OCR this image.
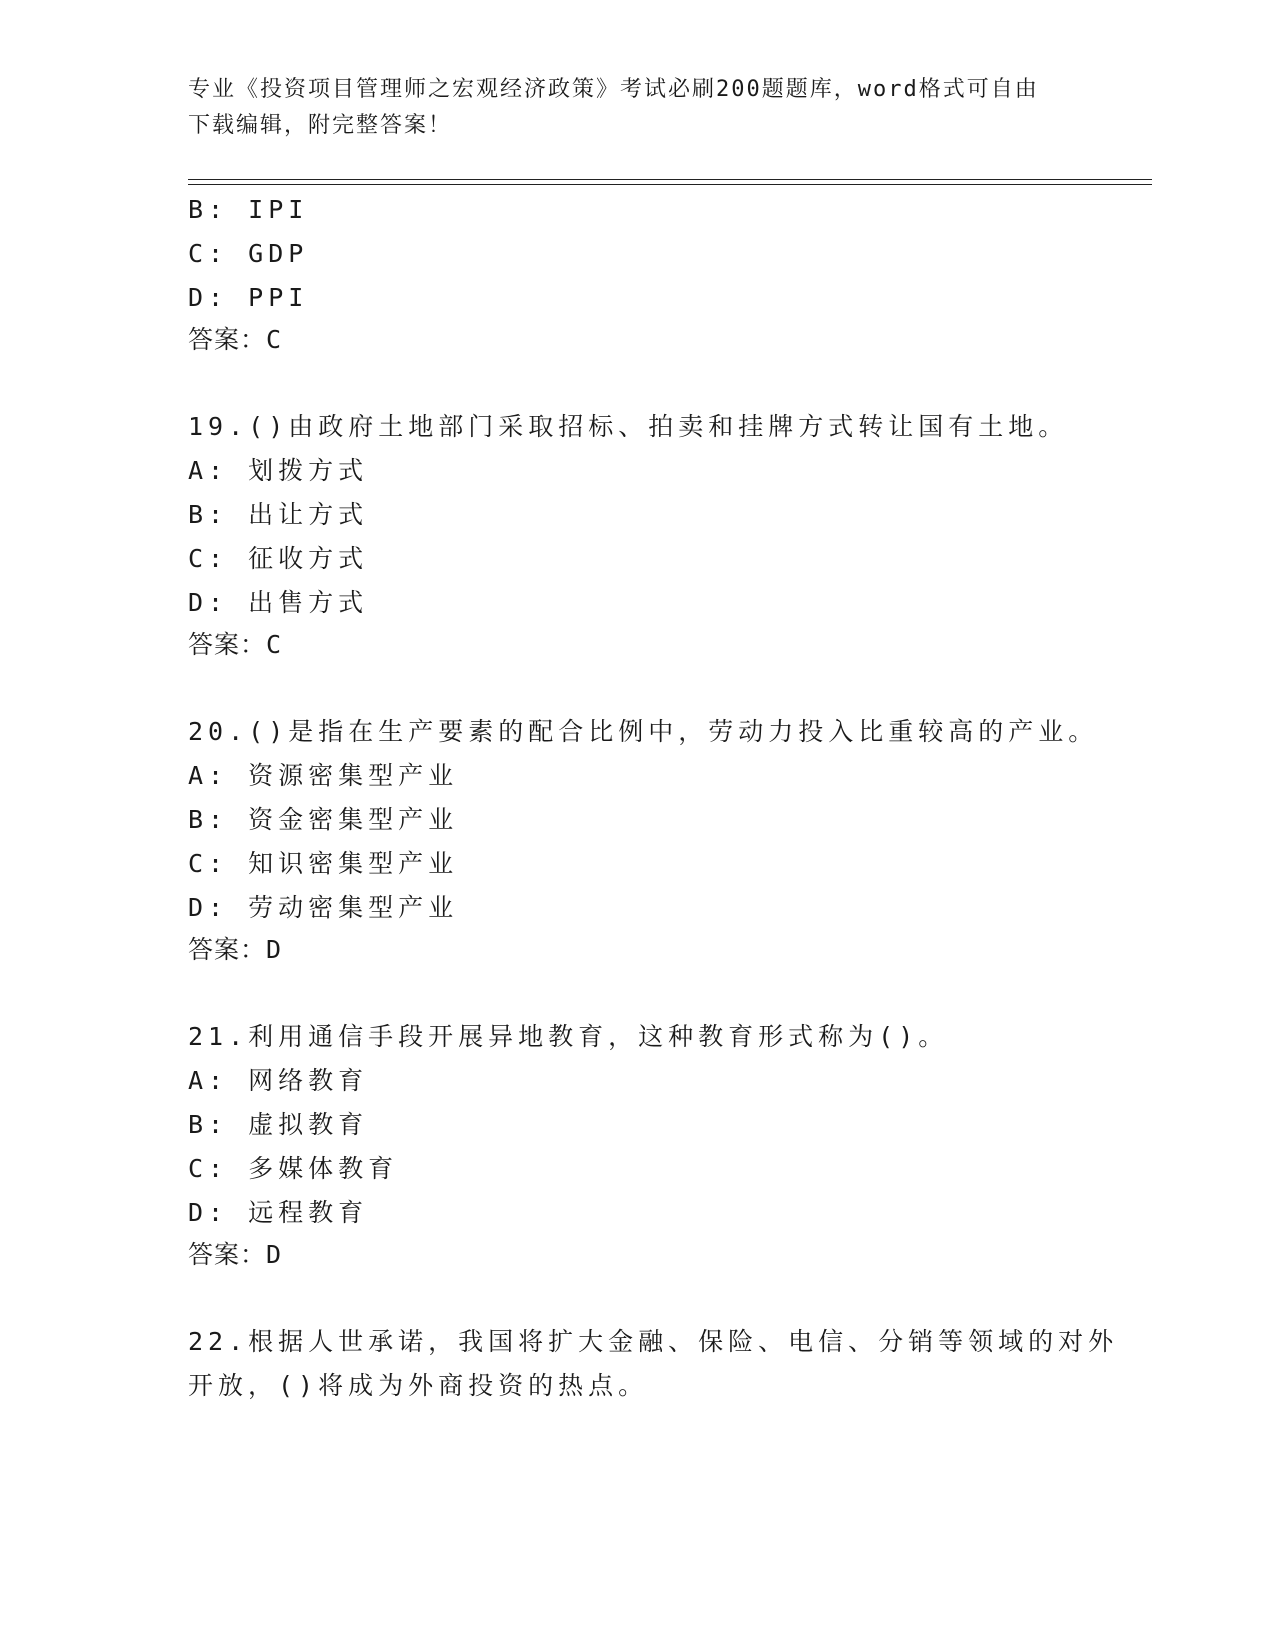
专业《投资项目管理师之宏观经济政策》考试必刷200题题库，word格式可自由
下载编辑，附完整答案！
B: IPI
C: GDP
D: PPI
答案：C
19.()由政府土地部门采取招标、拍卖和挂牌方式转让国有土地。
A: 划拨方式
B: 出让方式
C: 征收方式
D: 出售方式
答案：C
20.()是指在生产要素的配合比例中，劳动力投入比重较高的产业。
A: 资源密集型产业
B: 资金密集型产业
C: 知识密集型产业
D: 劳动密集型产业
答案：D
21.利用通信手段开展异地教育，这种教育形式称为()。
A: 网络教育
B: 虚拟教育
C: 多媒体教育
D: 远程教育
答案：D
22.根据人世承诺，我国将扩大金融、保险、电信、分销等领域的对外
开放，()将成为外商投资的热点。
